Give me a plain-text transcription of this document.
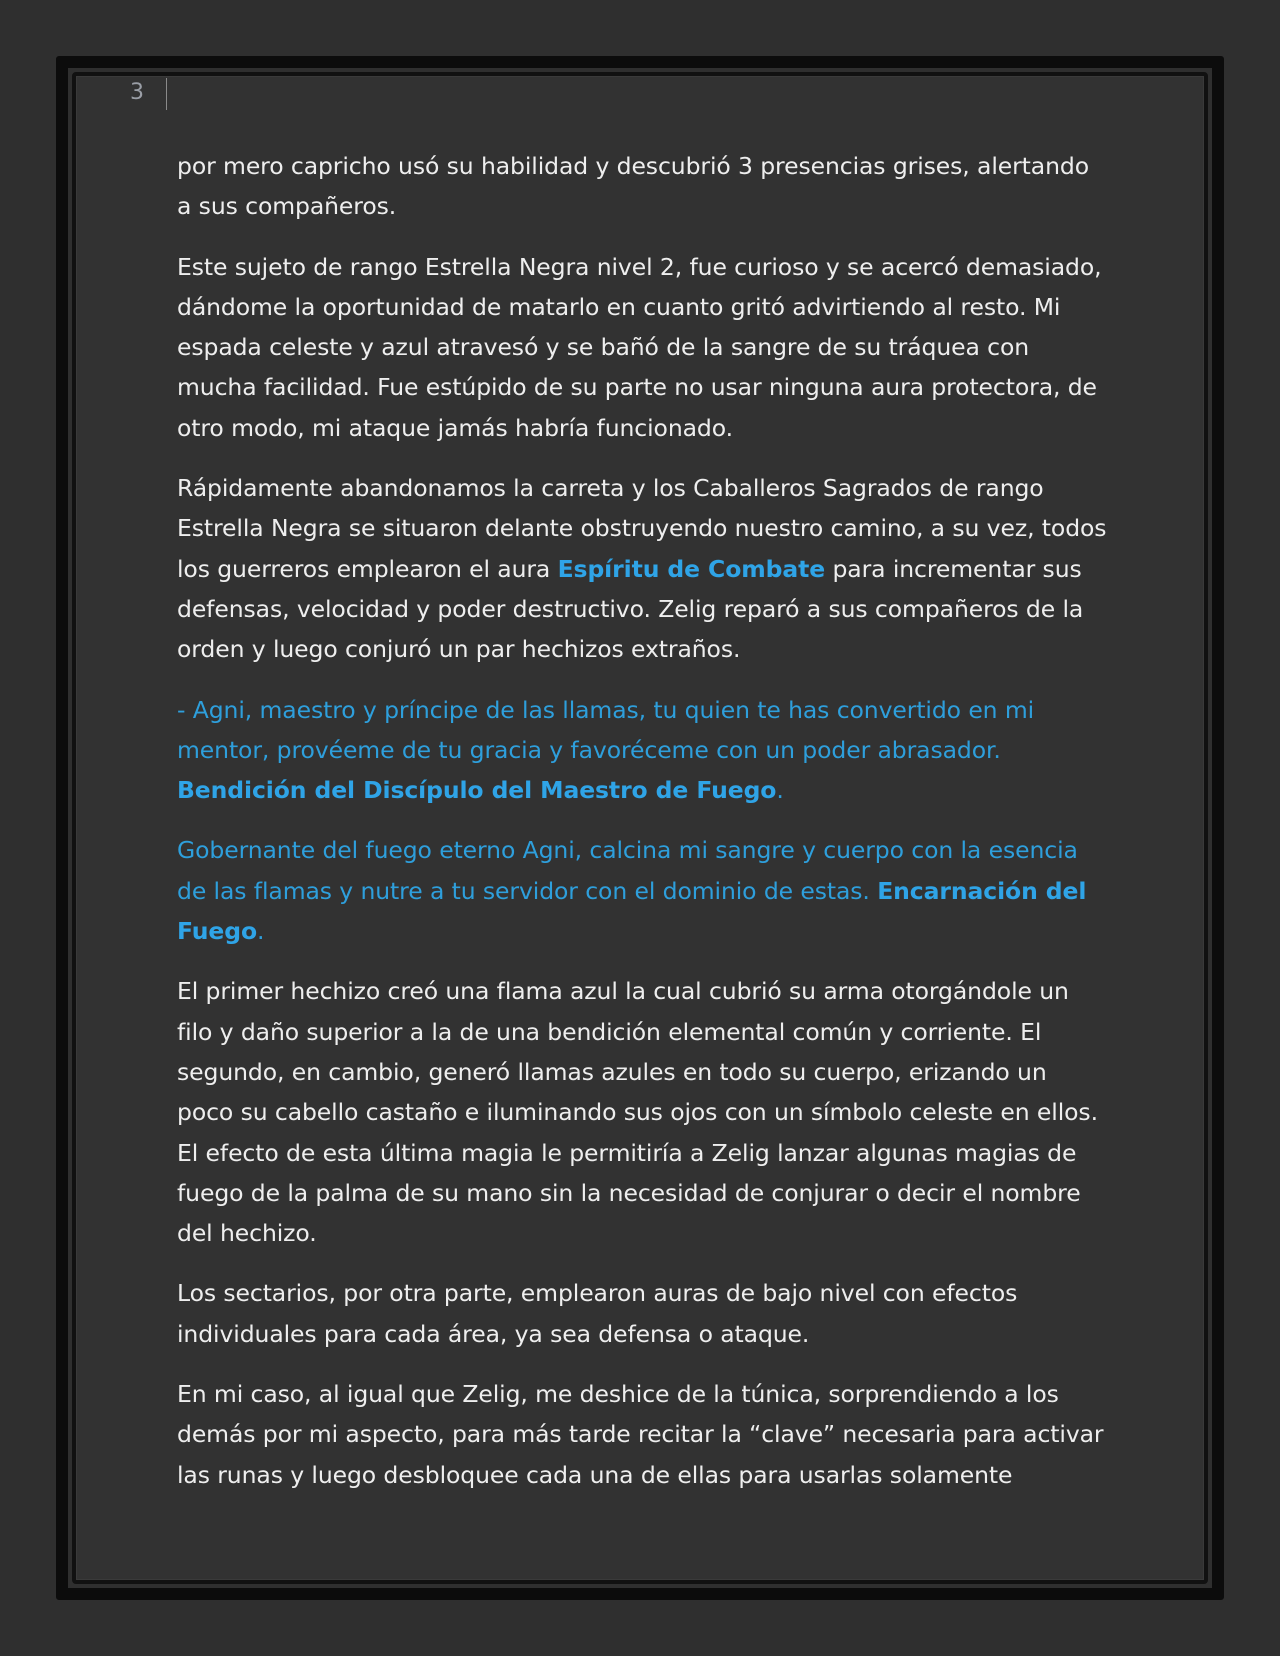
3

por mero capricho usó su habilidad y descubrió 3 presencias grises, alertando a sus compañeros.

Este sujeto de rango Estrella Negra nivel 2, fue curioso y se acercó demasiado, dándome la oportunidad de matarlo en cuanto gritó advirtiendo al resto. Mi espada celeste y azul atravesó y se bañó de la sangre de su tráquea con mucha facilidad. Fue estúpido de su parte no usar ninguna aura protectora, de otro modo, mi ataque jamás habría funcionado.

Rápidamente abandonamos la carreta y los Caballeros Sagrados de rango Estrella Negra se situaron delante obstruyendo nuestro camino, a su vez, todos los guerreros emplearon el aura Espíritu de Combate para incrementar sus defensas, velocidad y poder destructivo. Zelig reparó a sus compañeros de la orden y luego conjuró un par hechizos extraños.

- Agni, maestro y príncipe de las llamas, tu quien te has convertido en mi mentor, provéeme de tu gracia y favoréceme con un poder abrasador. Bendición del Discípulo del Maestro de Fuego.

Gobernante del fuego eterno Agni, calcina mi sangre y cuerpo con la esencia de las flamas y nutre a tu servidor con el dominio de estas. Encarnación del Fuego.

El primer hechizo creó una flama azul la cual cubrió su arma otorgándole un filo y daño superior a la de una bendición elemental común y corriente. El segundo, en cambio, generó llamas azules en todo su cuerpo, erizando un poco su cabello castaño e iluminando sus ojos con un símbolo celeste en ellos. El efecto de esta última magia le permitiría a Zelig lanzar algunas magias de fuego de la palma de su mano sin la necesidad de conjurar o decir el nombre del hechizo.

Los sectarios, por otra parte, emplearon auras de bajo nivel con efectos individuales para cada área, ya sea defensa o ataque.

En mi caso, al igual que Zelig, me deshice de la túnica, sorprendiendo a los demás por mi aspecto, para más tarde recitar la “clave” necesaria para activar las runas y luego desbloquee cada una de ellas para usarlas solamente
